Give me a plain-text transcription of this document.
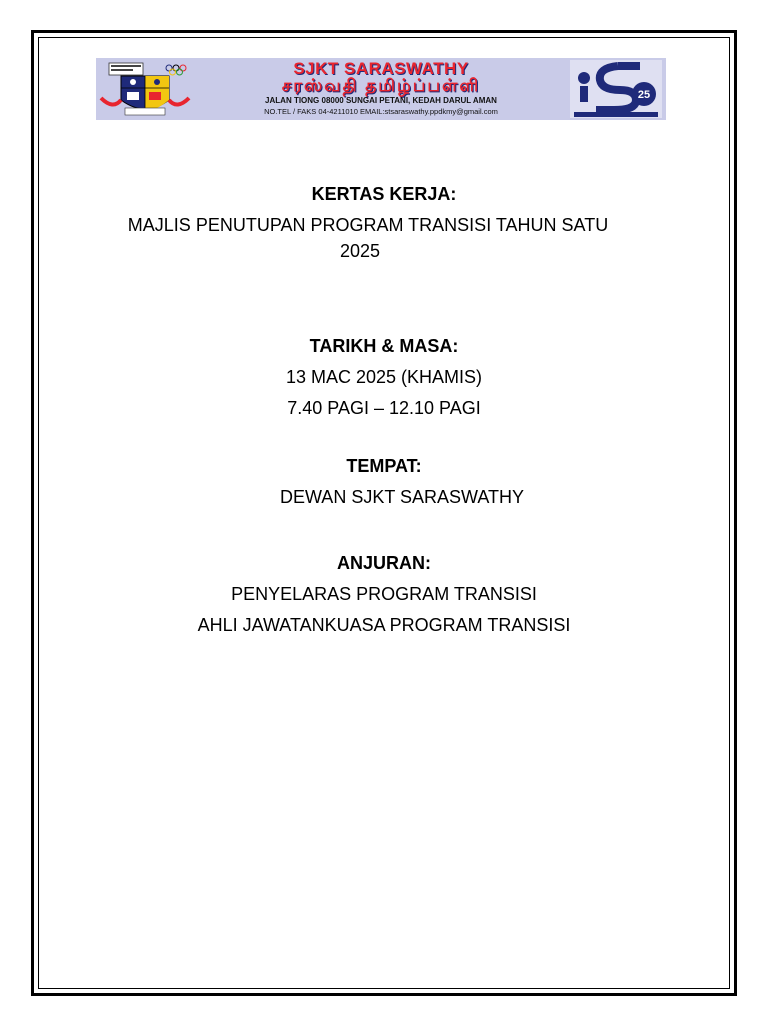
SJKT SARASWATHY
சரஸ்வதி தமிழ்ப்பள்ளி
JALAN TIONG 08000 SUNGAI PETANI, KEDAH DARUL AMAN
NO.TEL / FAKS 04-4211010 EMAIL:stsaraswathy.ppdkmy@gmail.com
25
KERTAS KERJA:
MAJLIS PENUTUPAN PROGRAM TRANSISI TAHUN SATU
2025
TARIKH & MASA:
13 MAC 2025 (KHAMIS)
7.40 PAGI – 12.10 PAGI
TEMPAT:
DEWAN SJKT SARASWATHY
ANJURAN:
PENYELARAS PROGRAM TRANSISI
AHLI JAWATANKUASA PROGRAM TRANSISI
